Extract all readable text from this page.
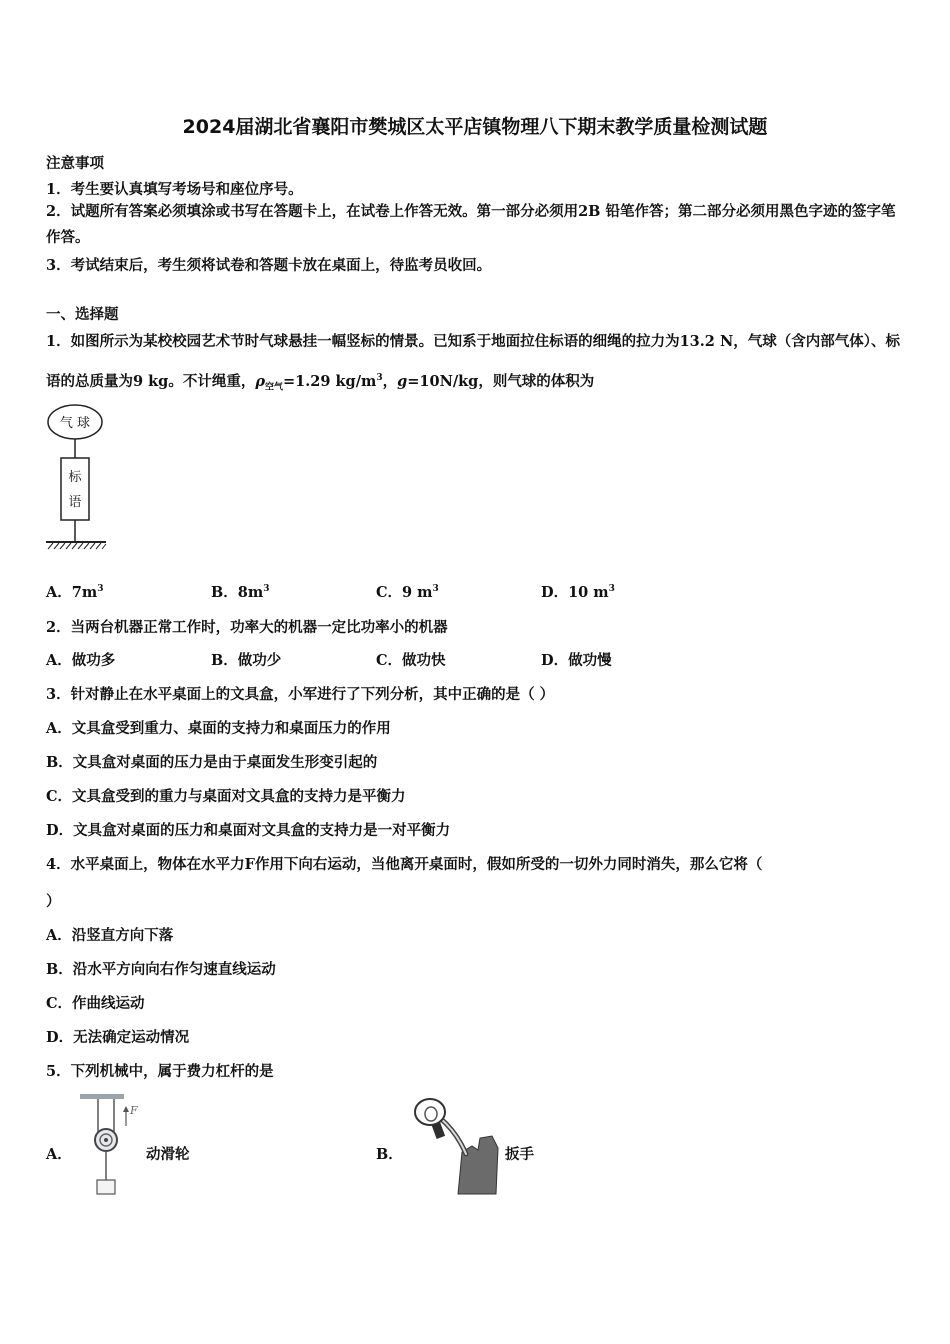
2024届湖北省襄阳市樊城区太平店镇物理八下期末教学质量检测试题
注意事项
1．考生要认真填写考场号和座位序号。
2．试题所有答案必须填涂或书写在答题卡上，在试卷上作答无效。第一部分必须用2B 铅笔作答；第二部分必须用黑色字迹的签字笔作答。
3．考试结束后，考生须将试卷和答题卡放在桌面上，待监考员收回。
一、选择题
1．如图所示为某校校园艺术节时气球悬挂一幅竖标的情景。已知系于地面拉住标语的细绳的拉力为13.2 N，气球（含内部气体）、标语的总质量为9 kg。不计绳重，$\rho_{空气}=1.29$ $kg/m^3$，g=10N/kg，则气球的体积为
气 球
标
语
A．$7m^3$	B．$8m^3$	C．9 $m^3$	D．10 $m^3$
2．当两台机器正常工作时，功率大的机器一定比功率小的机器
A．做功多	B．做功少	C．做功快	D．做功慢
3．针对静止在水平桌面上的文具盒，小军进行了下列分析，其中正确的是（ ）
A．文具盒受到重力、桌面的支持力和桌面压力的作用
B．文具盒对桌面的压力是由于桌面发生形变引起的
C．文具盒受到的重力与桌面对文具盒的支持力是平衡力
D．文具盒对桌面的压力和桌面对文具盒的支持力是一对平衡力
4．水平桌面上，物体在水平力F作用下向右运动，当他离开桌面时，假如所受的一切外力同时消失，那么它将（
）
A．沿竖直方向下落
B．沿水平方向向右作匀速直线运动
C．作曲线运动
D．无法确定运动情况
5．下列机械中，属于费力杠杆的是
A．
F
动滑轮	B．	扳手
